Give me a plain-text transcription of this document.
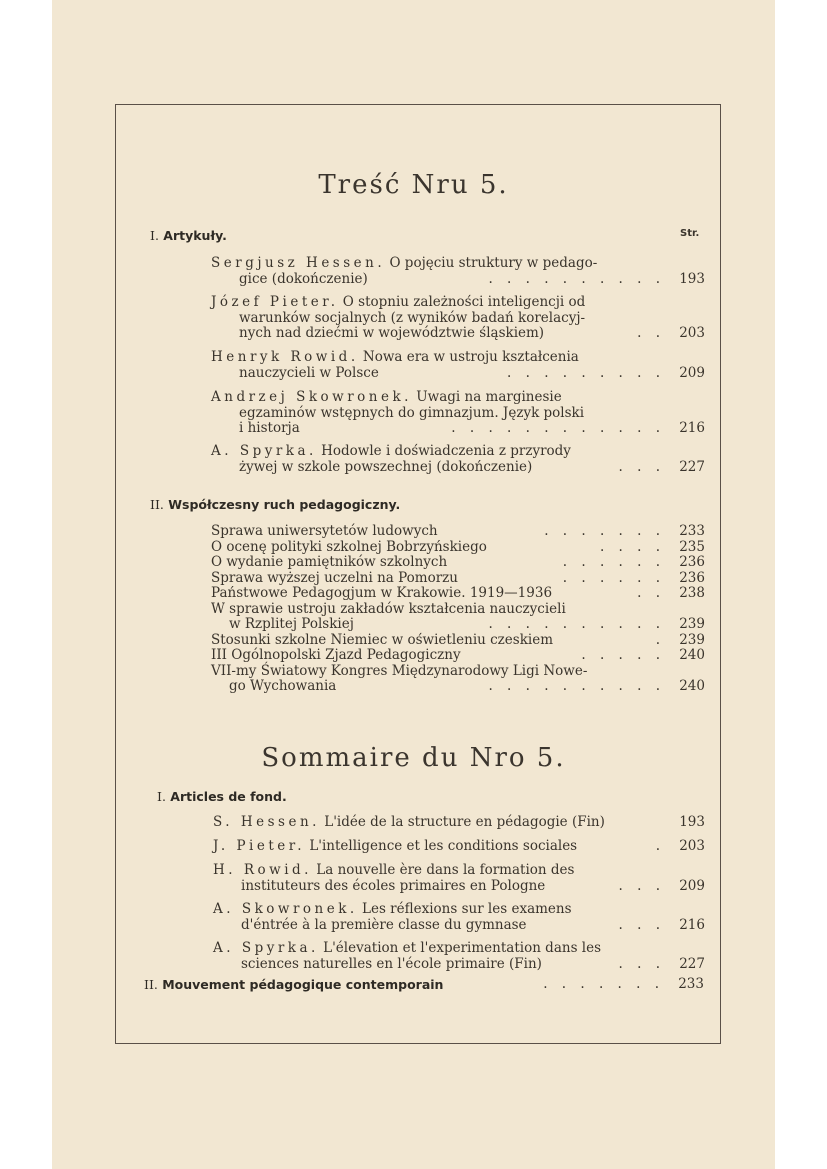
Treść Nru 5.
I. Artykuły.	Str.
Sergjusz Hessen. O pojęciu struktury w pedago-
gice (dokończenie)	. . . . . . . . . .	193
Józef Pieter. O stopniu zależności inteligencji od
warunków socjalnych (z wyników badań korelacyj-
nych nad dziećmi w województwie śląskiem)	. .	203
Henryk Rowid. Nowa era w ustroju kształcenia
nauczycieli w Polsce	. . . . . . . . .	209
Andrzej Skowronek. Uwagi na marginesie
egzaminów wstępnych do gimnazjum. Język polski
i historja	. . . . . . . . . . . .	216
A. Spyrka. Hodowle i doświadczenia z przyrody
żywej w szkole powszechnej (dokończenie)	. . .	227
II. Współczesny ruch pedagogiczny.
Sprawa uniwersytetów ludowych	. . . . . . .	233
O ocenę polityki szkolnej Bobrzyńskiego	. . . .	235
O wydanie pamiętników szkolnych	. . . . . .	236
Sprawa wyższej uczelni na Pomorzu	. . . . . .	236
Państwowe Pedagogjum w Krakowie. 1919—1936	. .	238
W sprawie ustroju zakładów kształcenia nauczycieli
w Rzplitej Polskiej	. . . . . . . . . .	239
Stosunki szkolne Niemiec w oświetleniu czeskiem	.	239
III Ogólnopolski Zjazd Pedagogiczny	. . . . .	240
VII-my Światowy Kongres Międzynarodowy Ligi Nowe-
go Wychowania	. . . . . . . . . .	240
Sommaire du Nro 5.
I. Articles de fond.
S. Hessen. L'idée de la structure en pédagogie (Fin)	193
J. Pieter. L'intelligence et les conditions sociales	.	203
H. Rowid. La nouvelle ère dans la formation des
instituteurs des écoles primaires en Pologne	. . .	209
A. Skowronek. Les réflexions sur les examens
d'éntrée à la première classe du gymnase	. . .	216
A. Spyrka. L'élevation et l'experimentation dans les
sciences naturelles en l'école primaire (Fin)	. . .	227
II. Mouvement pédagogique contemporain	. . . . . . .	233
